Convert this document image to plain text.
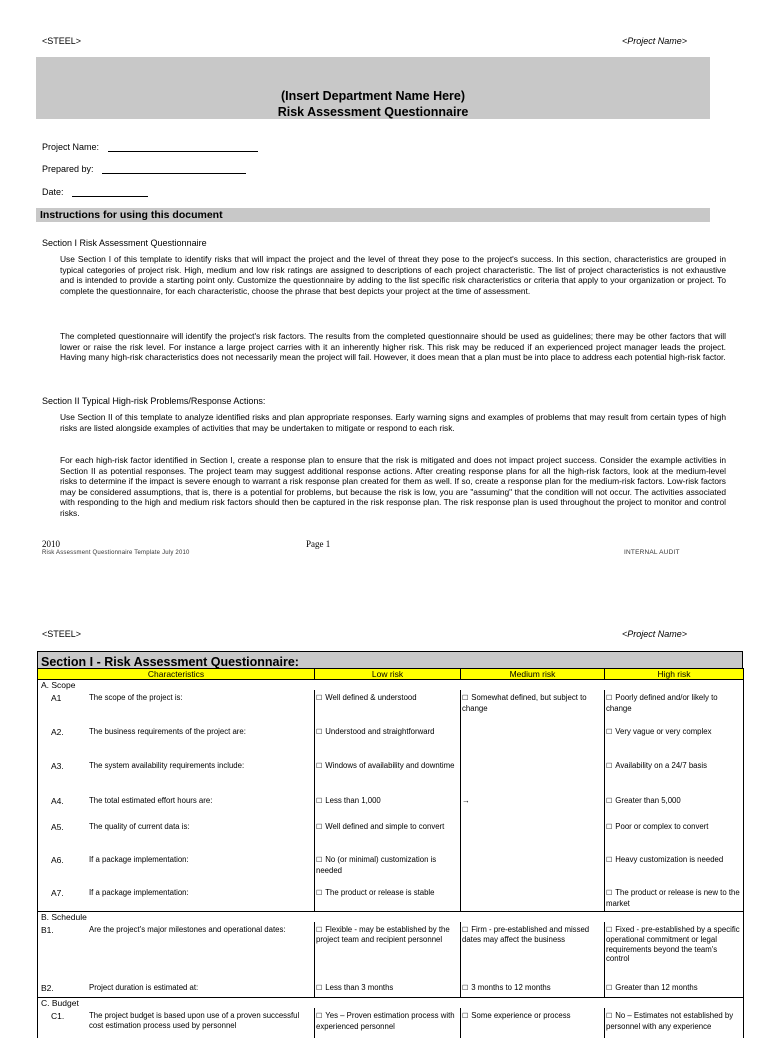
<STEEL>	<Project Name>
(Insert Department Name Here)
Risk Assessment Questionnaire
Project Name:
Prepared by:
Date:
Instructions for using this document
Section I Risk Assessment Questionnaire
Use Section I of this template to identify risks that will impact the project and the level of threat they pose to the project's success. In this section, characteristics are grouped in typical categories of project risk. High, medium and low risk ratings are assigned to descriptions of each project characteristic. The list of project characteristics is not exhaustive and is intended to provide a starting point only. Customize the questionnaire by adding to the list specific risk characteristics or criteria that apply to your organization or project. To complete the questionnaire, for each characteristic, choose the phrase that best depicts your project at the time of assessment.
The completed questionnaire will identify the project's risk factors. The results from the completed questionnaire should be used as guidelines; there may be other factors that will lower or raise the risk level. For instance a large project carries with it an inherently higher risk. This risk may be reduced if an experienced project manager leads the project. Having many high-risk characteristics does not necessarily mean the project will fail. However, it does mean that a plan must be into place to address each potential high-risk factor.
Section II Typical High-risk Problems/Response Actions:
Use Section II of this template to analyze identified risks and plan appropriate responses. Early warning signs and examples of problems that may result from certain types of high risks are listed alongside examples of activities that may be undertaken to mitigate or respond to each risk.
For each high-risk factor identified in Section I, create a response plan to ensure that the risk is mitigated and does not impact project success. Consider the example activities in Section II as potential responses. The project team may suggest additional response actions. After creating response plans for all the high-risk factors, look at the medium-level risks to determine if the impact is severe enough to warrant a risk response plan created for them as well. If so, create a response plan for the medium-risk factors. Low-risk factors may be considered assumptions, that is, there is a potential for problems, but because the risk is low, you are "assuming" that the condition will not occur. The activities associated with responding to the high and medium risk factors should then be captured in the risk response plan. The risk response plan is used throughout the project to monitor and control risks.
2010	Page 1
Risk Assessment Questionnaire Template July 2010	INTERNAL AUDIT
<STEEL>	<Project Name>
Section I - Risk Assessment Questionnaire:
Characteristics	Low risk	Medium risk	High risk
A. Scope			
A1 The scope of the project is:	☐ Well defined & understood	☐ Somewhat defined, but subject to change	☐ Poorly defined and/or likely to change
A2. The business requirements of the project are:	☐ Understood and straightforward		☐ Very vague or very complex
A3. The system availability requirements include:	☐ Windows of availability and downtime		☐ Availability on a 24/7 basis
A4. The total estimated effort hours are:	☐ Less than 1,000	→	☐ Greater than 5,000
A5. The quality of current data is:	☐ Well defined and simple to convert		☐ Poor or complex to convert
A6. If a package implementation:	☐ No (or minimal) customization is needed		☐ Heavy customization is needed
A7. If a package implementation:	☐ The product or release is stable		☐ The product or release is new to the market
B. Schedule			
B1. Are the project's major milestones and operational dates:	☐ Flexible - may be established by the project team and recipient personnel	☐ Firm - pre-established and missed dates may affect the business	☐ Fixed - pre-established by a specific operational commitment or legal requirements beyond the team's control
B2. Project duration is estimated at:	☐ Less than 3 months	☐ 3 months to 12 months	☐ Greater than 12 months
C. Budget			
C1. The project budget is based upon use of a proven successful cost estimation process used by personnel	☐ Yes – Proven estimation process with experienced personnel	☐ Some experience or process	☐ No – Estimates not established by personnel with any experience
